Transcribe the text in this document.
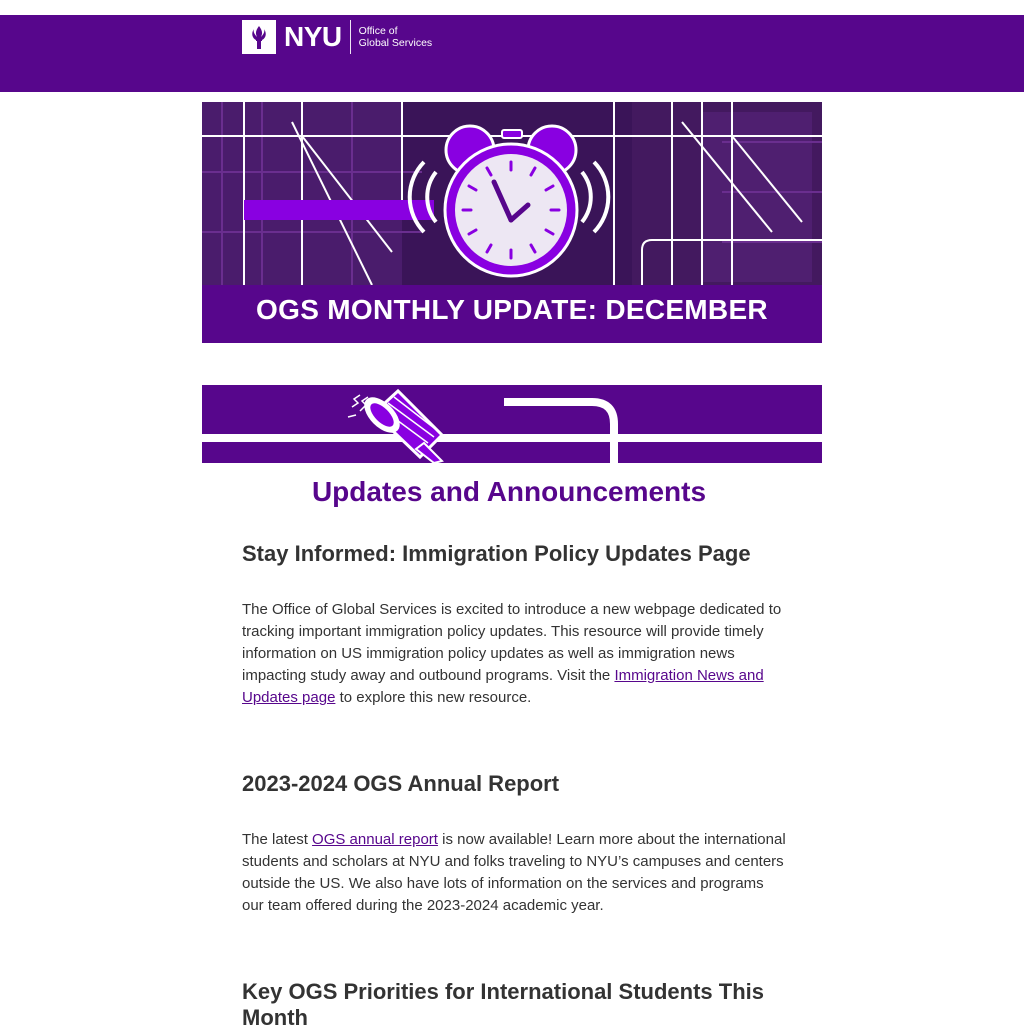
NYU Office of
Global Services
OGS MONTHLY UPDATE: DECEMBER
Updates and Announcements
Stay Informed: Immigration Policy Updates Page

The Office of Global Services is excited to introduce a new webpage dedicated to tracking important immigration policy updates. This resource will provide timely information on US immigration policy updates as well as immigration news impacting study away and outbound programs. Visit the Immigration News and Updates page to explore this new resource.

2023-2024 OGS Annual Report

The latest OGS annual report is now available! Learn more about the international students and scholars at NYU and folks traveling to NYU’s campuses and centers outside the US. We also have lots of information on the services and programs our team offered during the 2023-2024 academic year.

Key OGS Priorities for International Students This Month
